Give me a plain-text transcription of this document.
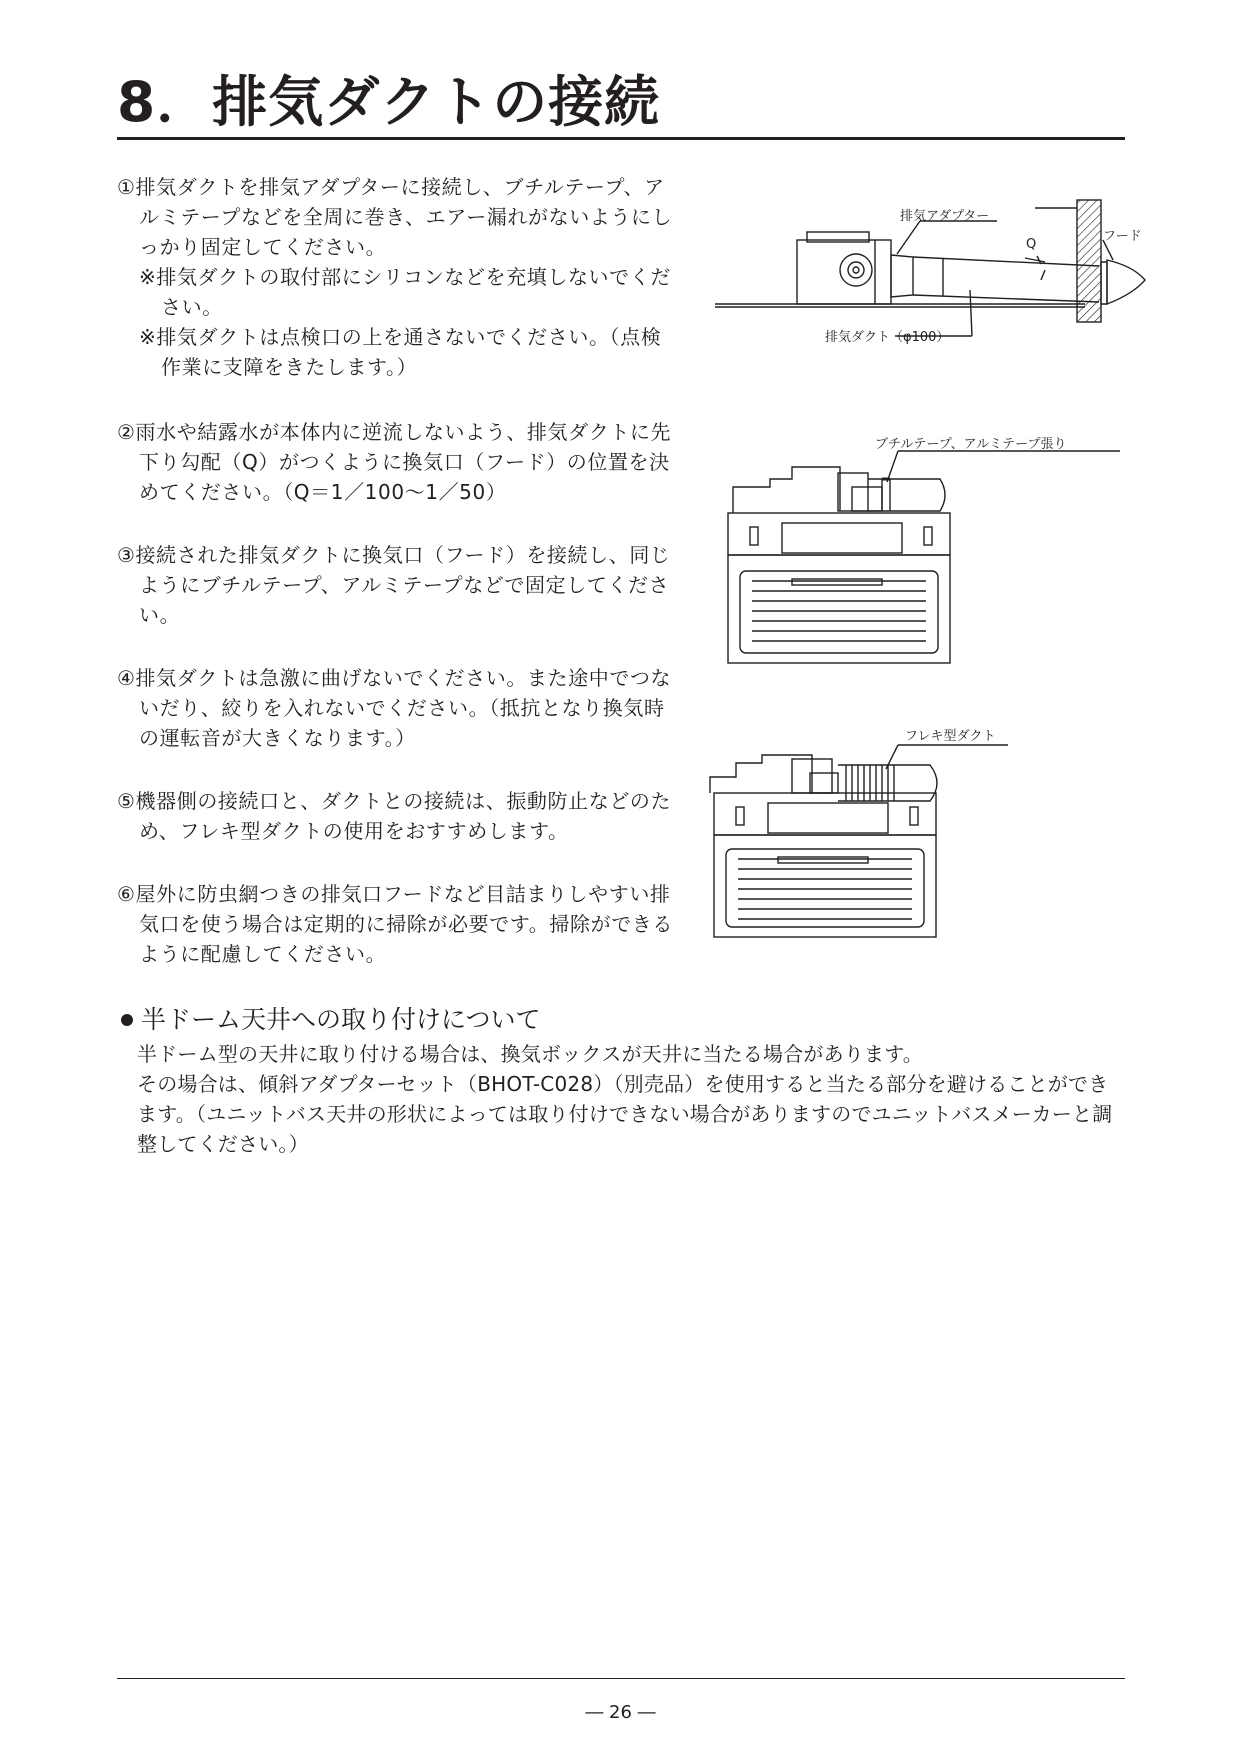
8．排気ダクトの接続

①排気ダクトを排気アダプターに接続し、ブチルテープ、アルミテープなどを全周に巻き、エアー漏れがないようにしっかり固定してください。

※排気ダクトの取付部にシリコンなどを充填しないでください。

※排気ダクトは点検口の上を通さないでください。（点検作業に支障をきたします。）

②雨水や結露水が本体内に逆流しないよう、排気ダクトに先下り勾配（Q）がつくように換気口（フード）の位置を決めてください。（Q＝1／100～1／50）

③接続された排気ダクトに換気口（フード）を接続し、同じようにブチルテープ、アルミテープなどで固定してください。

④排気ダクトは急激に曲げないでください。また途中でつないだり、絞りを入れないでください。（抵抗となり換気時の運転音が大きくなります。）

⑤機器側の接続口と、ダクトとの接続は、振動防止などのため、フレキ型ダクトの使用をおすすめします。

⑥屋外に防虫網つきの排気口フードなど目詰まりしやすい排気口を使う場合は定期的に掃除が必要です。掃除ができるように配慮してください。

排気アダプター
Q
フード
排気ダクト（φ100）
ブチルテープ、アルミテープ張り
フレキ型ダクト
半ドーム天井への取り付けについて

半ドーム型の天井に取り付ける場合は、換気ボックスが天井に当たる場合があります。

その場合は、傾斜アダプターセット（BHOT-C028）（別売品）を使用すると当たる部分を避けることができます。（ユニットバス天井の形状によっては取り付けできない場合がありますのでユニットバスメーカーと調整してください。）

― 26 ―
